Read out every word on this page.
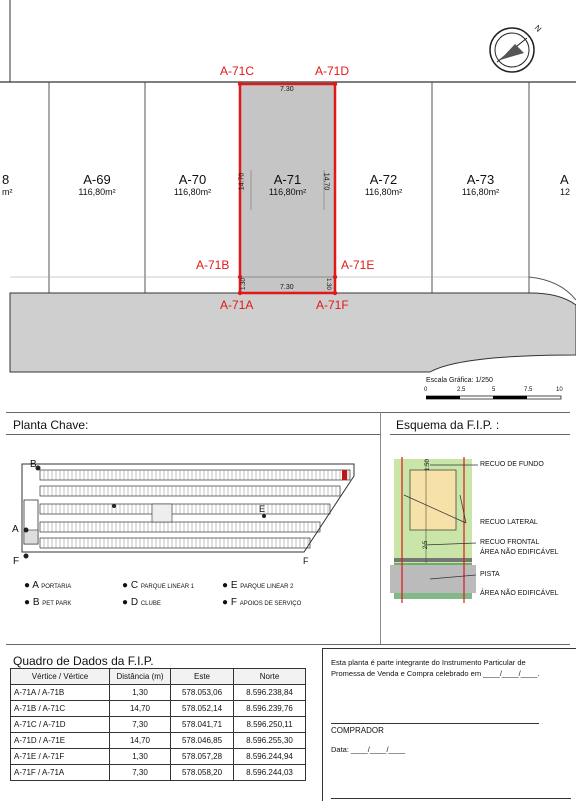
N
8
m²
A-69
116,80m²
A-70
116,80m²
A-71
116,80m²
A-72
116,80m²
A-73
116,80m²
A
12
A-71C	A-71D
A-71B	A-71E
A-71A	A-71F
7.30
7.30
14.70	14.70
1.30	1.30
Escala Gráfica: 1/250
0	2.5	5	7.5	10
Planta Chave:
B
A
F
E
F
● A PORTARIA
● B PET PARK
● C PARQUE LINEAR 1
● D CLUBE
● E PARQUE LINEAR 2
● F APOIOS DE SERVIÇO
Esquema da F.I.P. :
1.50
2.5
RECUO DE FUNDO
RECUO LATERAL
RECUO FRONTAL
ÁREA NÃO EDIFICÁVEL
PISTA
ÁREA NÃO EDIFICÁVEL
Quadro de Dados da F.I.P.
Vértice / Vértice	Distância (m)	Este	Norte
A-71A / A-71B	1,30	578.053,06	8.596.238,84
A-71B / A-71C	14,70	578.052,14	8.596.239,76
A-71C / A-71D	7,30	578.041,71	8.596.250,11
A-71D / A-71E	14,70	578.046,85	8.596.255,30
A-71E / A-71F	1,30	578.057,28	8.596.244,94
A-71F / A-71A	7,30	578.058,20	8.596.244,03
Esta planta é parte integrante do Instrumento Particular de
Promessa de Venda e Compra celebrado em ____/____/____.
COMPRADOR
Data: ____/____/____
